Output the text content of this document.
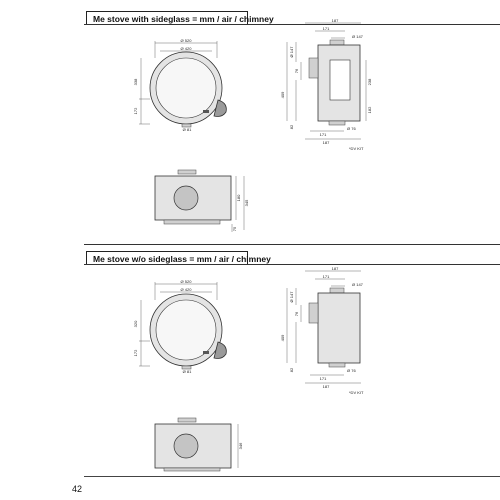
Me stove with sideglass = mm / air / chimney
Me stove w/o sideglass = mm / air / chimney
42
Ø 520
Ø 420
338
172
Ø 81
187
171
Ø 147
Ø 147
76
82
409
238
182
171
187
Ø 76
*DV KIT
180
345
75
Ø 520
Ø 420
320
172
Ø 81
187
171
Ø 147
Ø 147
76
82
409
171
187
Ø 76
*DV KIT
346
